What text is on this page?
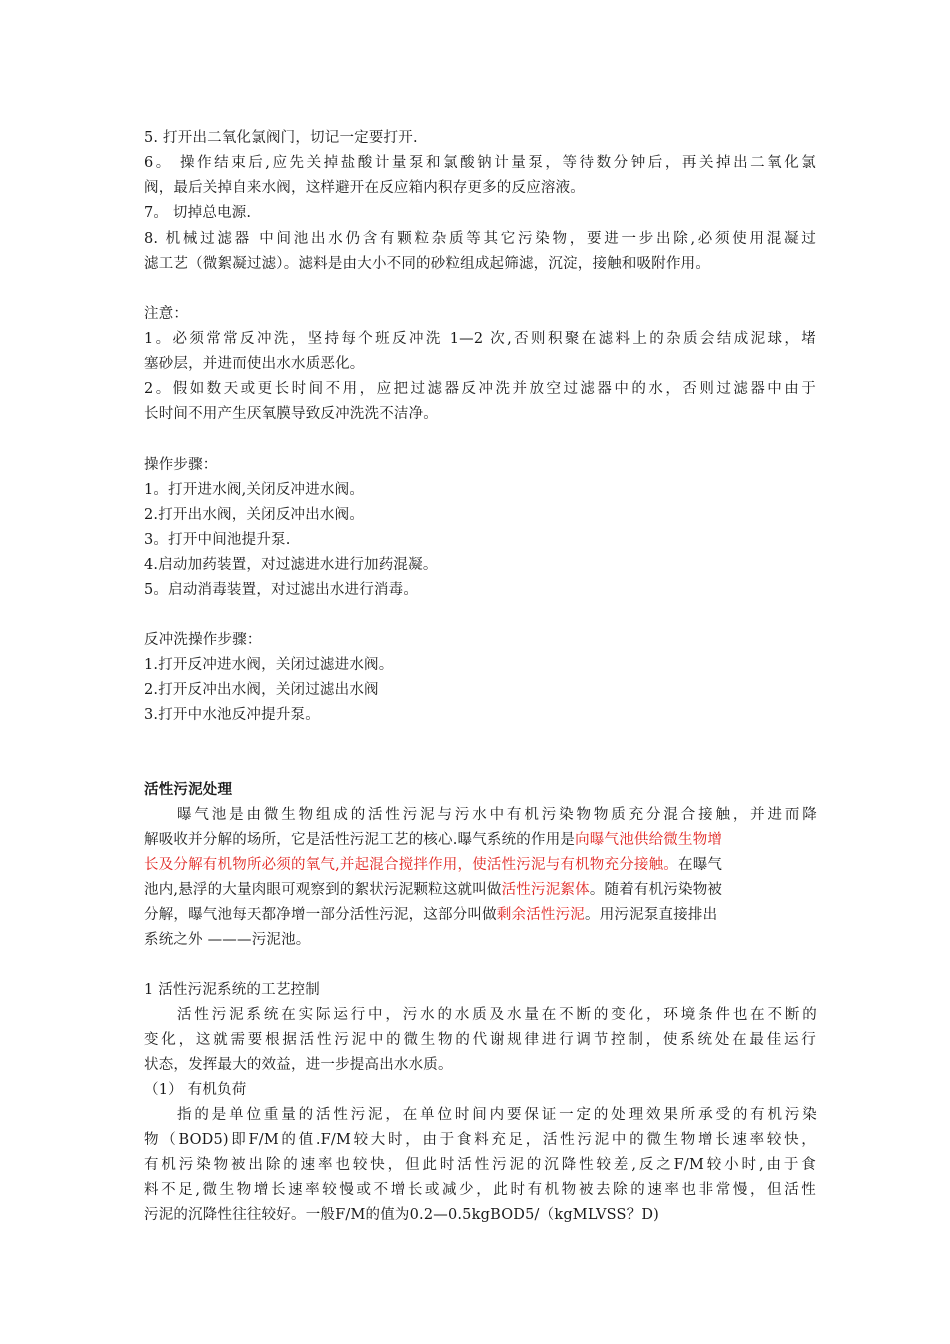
5. 打开出二氧化氯阀门，切记一定要打开.
6。 操作结束后,应先关掉盐酸计量泵和氯酸钠计量泵，等待数分钟后，再关掉出二氧化氯
阀，最后关掉自来水阀，这样避开在反应箱内积存更多的反应溶液。
7。 切掉总电源.
8. 机械过滤器 中间池出水仍含有颗粒杂质等其它污染物，要进一步出除,必须使用混凝过
滤工艺（微絮凝过滤）。滤料是由大小不同的砂粒组成起筛滤，沉淀，接触和吸附作用。
注意：
1。必须常常反冲洗，坚持每个班反冲洗 1—2 次,否则积聚在滤料上的杂质会结成泥球，堵
塞砂层，并进而使出水水质恶化。
2。假如数天或更长时间不用，应把过滤器反冲洗并放空过滤器中的水，否则过滤器中由于
长时间不用产生厌氧膜导致反冲洗洗不洁净。
操作步骤：
1。打开进水阀,关闭反冲进水阀。
2.打开出水阀，关闭反冲出水阀。
3。打开中间池提升泵.
4.启动加药装置，对过滤进水进行加药混凝。
5。启动消毒装置，对过滤出水进行消毒。
反冲洗操作步骤：
1.打开反冲进水阀，关闭过滤进水阀。
2.打开反冲出水阀，关闭过滤出水阀
3.打开中水池反冲提升泵。
活性污泥处理
曝气池是由微生物组成的活性污泥与污水中有机污染物物质充分混合接触，并进而降
解吸收并分解的场所，它是活性污泥工艺的核心.曝气系统的作用是向曝气池供给微生物增
长及分解有机物所必须的氧气,并起混合搅拌作用，使活性污泥与有机物充分接触。在曝气
池内,悬浮的大量肉眼可观察到的絮状污泥颗粒这就叫做活性污泥絮体。随着有机污染物被
分解，曝气池每天都净增一部分活性污泥，这部分叫做剩余活性污泥。用污泥泵直接排出
系统之外 ———污泥池。
1 活性污泥系统的工艺控制
活性污泥系统在实际运行中，污水的水质及水量在不断的变化，环境条件也在不断的
变化，这就需要根据活性污泥中的微生物的代谢规律进行调节控制，使系统处在最佳运行
状态，发挥最大的效益，进一步提高出水水质。
（1） 有机负荷
指的是单位重量的活性污泥，在单位时间内要保证一定的处理效果所承受的有机污染
物（BOD5)即F/M的值.F/M较大时，由于食料充足，活性污泥中的微生物增长速率较快，
有机污染物被出除的速率也较快，但此时活性污泥的沉降性较差,反之F/M较小时,由于食
料不足,微生物增长速率较慢或不增长或减少，此时有机物被去除的速率也非常慢，但活性
污泥的沉降性往往较好。一般F/M的值为0.2—0.5kgBOD5/（kgMLVSS？D)
